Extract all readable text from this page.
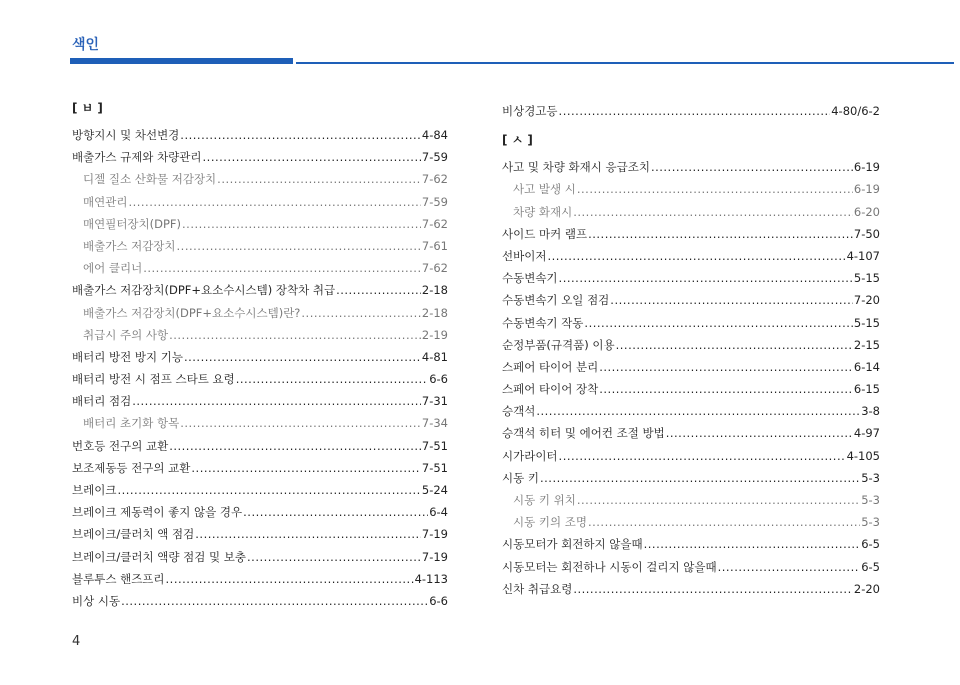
색인
[ ㅂ ]
방향지시 및 차선변경 .....	4-84
배출가스 규제와 차량관리 .....	7-59
디젤 질소 산화물 저감장치 .....	7-62
매연관리 .....	7-59
매연필터장치(DPF) .....	7-62
배출가스 저감장치 .....	7-61
에어 클리너 .....	7-62
배출가스 저감장치(DPF+요소수시스템) 장착차 취급 .....	2-18
배출가스 저감장치(DPF+요소수시스템)란? .....	2-18
취급시 주의 사항 .....	2-19
배터리 방전 방지 기능 .....	4-81
배터리 방전 시 점프 스타트 요령 .....	6-6
배터리 점검 .....	7-31
배터리 초기화 항목 .....	7-34
번호등 전구의 교환 .....	7-51
보조제동등 전구의 교환 .....	7-51
브레이크 .....	5-24
브레이크 제동력이 좋지 않을 경우 .....	6-4
브레이크/클러치 액 점검 .....	7-19
브레이크/클러치 액량 점검 및 보충 .....	7-19
블루투스 핸즈프리 .....	4-113
비상 시동 .....	6-6
비상경고등 .....	4-80/6-2
[ ㅅ ]
사고 및 차량 화재시 응급조치 .....	6-19
사고 발생 시 .....	6-19
차량 화재시 .....	6-20
사이드 마커 램프 .....	7-50
선바이저 .....	4-107
수동변속기 .....	5-15
수동변속기 오일 점검 .....	7-20
수동변속기 작동 .....	5-15
순정부품(규격품) 이용 .....	2-15
스페어 타이어 분리 .....	6-14
스페어 타이어 장착 .....	6-15
승객석 .....	3-8
승객석 히터 및 에어컨 조절 방법 .....	4-97
시가라이터 .....	4-105
시동 키 .....	5-3
시동 키 위치 .....	5-3
시동 키의 조명 .....	5-3
시동모터가 회전하지 않을때 .....	6-5
시동모터는 회전하나 시동이 걸리지 않을때 .....	6-5
신차 취급요령 .....	2-20
4
